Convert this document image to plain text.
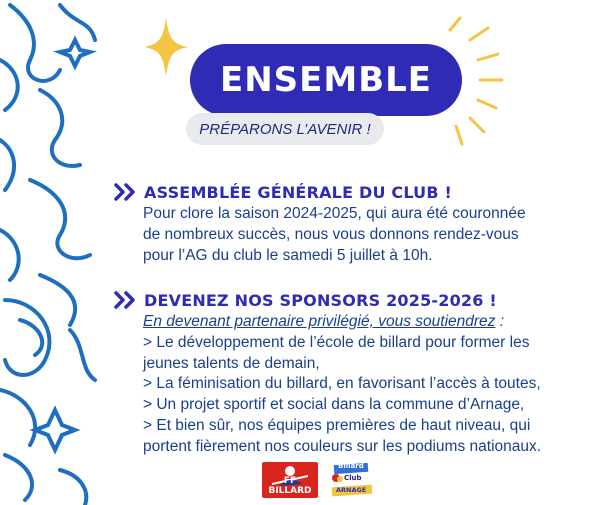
ENSEMBLE
PRÉPARONS L’AVENIR !
ASSEMBLÉE GÉNÉRALE DU CLUB !
Pour clore la saison 2024-2025, qui aura été couronnée
de nombreux succès, nous vous donnons rendez-vous
pour l’AG du club le samedi 5 juillet à 10h.
DEVENEZ NOS SPONSORS 2025-2026 !
En devenant partenaire privilégié, vous soutiendrez :
> Le développement de l’école de billard pour former les
jeunes talents de demain,
> La féminisation du billard, en favorisant l’accès à toutes,
> Un projet sportif et social dans la commune d’Arnage,
> Et bien sûr, nos équipes premières de haut niveau, qui
portent fièrement nos couleurs sur les podiums nationaux.
FF BILLARD
Billard
Club
ARNAGE
